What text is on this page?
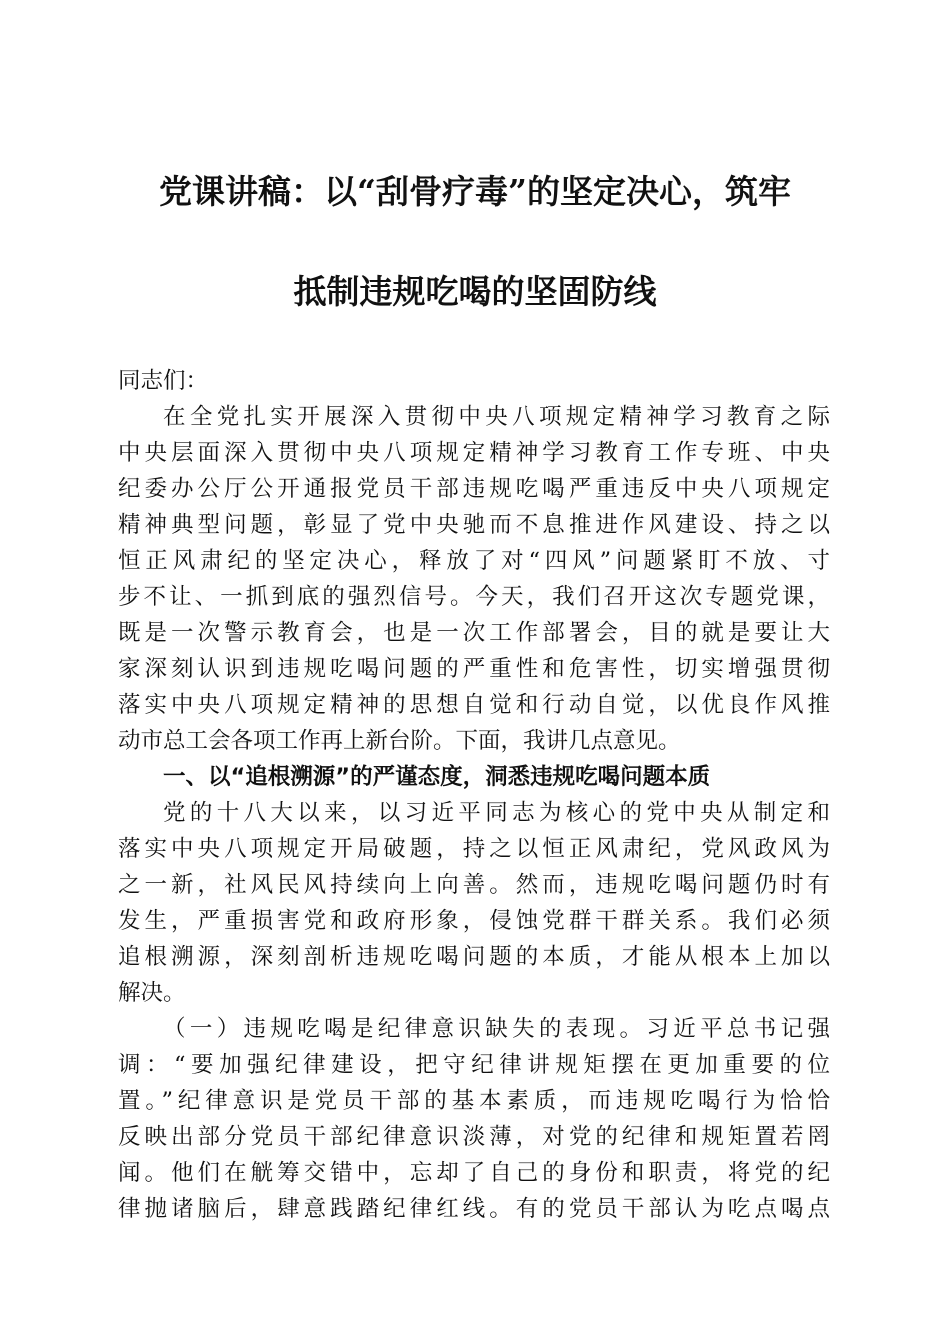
党课讲稿：以“刮骨疗毒”的坚定决心，筑牢
抵制违规吃喝的坚固防线
同志们：
在全党扎实开展深入贯彻中央八项规定精神学习教育之际
中央层面深入贯彻中央八项规定精神学习教育工作专班、中央
纪委办公厅公开通报党员干部违规吃喝严重违反中央八项规定
精神典型问题，彰显了党中央驰而不息推进作风建设、持之以
恒正风肃纪的坚定决心，释放了对“四风”问题紧盯不放、寸
步不让、一抓到底的强烈信号。今天，我们召开这次专题党课，
既是一次警示教育会，也是一次工作部署会，目的就是要让大
家深刻认识到违规吃喝问题的严重性和危害性，切实增强贯彻
落实中央八项规定精神的思想自觉和行动自觉，以优良作风推
动市总工会各项工作再上新台阶。下面，我讲几点意见。
一、以“追根溯源”的严谨态度，洞悉违规吃喝问题本质
党的十八大以来，以习近平同志为核心的党中央从制定和
落实中央八项规定开局破题，持之以恒正风肃纪，党风政风为
之一新，社风民风持续向上向善。然而，违规吃喝问题仍时有
发生，严重损害党和政府形象，侵蚀党群干群关系。我们必须
追根溯源，深刻剖析违规吃喝问题的本质，才能从根本上加以
解决。
（一）违规吃喝是纪律意识缺失的表现。习近平总书记强
调：“要加强纪律建设，把守纪律讲规矩摆在更加重要的位
置。”纪律意识是党员干部的基本素质，而违规吃喝行为恰恰
反映出部分党员干部纪律意识淡薄，对党的纪律和规矩置若罔
闻。他们在觥筹交错中，忘却了自己的身份和职责，将党的纪
律抛诸脑后，肆意践踏纪律红线。有的党员干部认为吃点喝点
